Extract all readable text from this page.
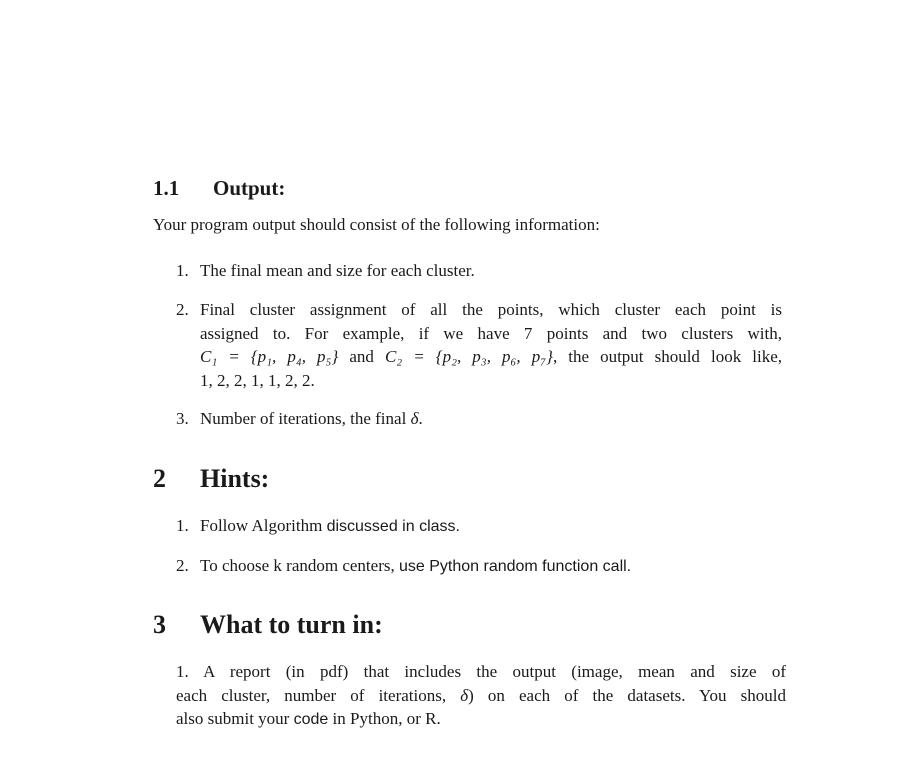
1.1 Output:
Your program output should consist of the following information:
1. The final mean and size for each cluster.
2. Final cluster assignment of all the points, which cluster each point is
assigned to. For example, if we have 7 points and two clusters with,
C₁ = {p₁, p₄, p₅} and C₂ = {p₂, p₃, p₆, p₇}, the output should look like,
1, 2, 2, 1, 1, 2, 2.
3. Number of iterations, the final δ.
2 Hints:
1. Follow Algorithm discussed in class.
2. To choose k random centers, use Python random function call.
3 What to turn in:
1. A report (in pdf) that includes the output (image, mean and size of
each cluster, number of iterations, δ) on each of the datasets. You should
also submit your code in Python, or R.
